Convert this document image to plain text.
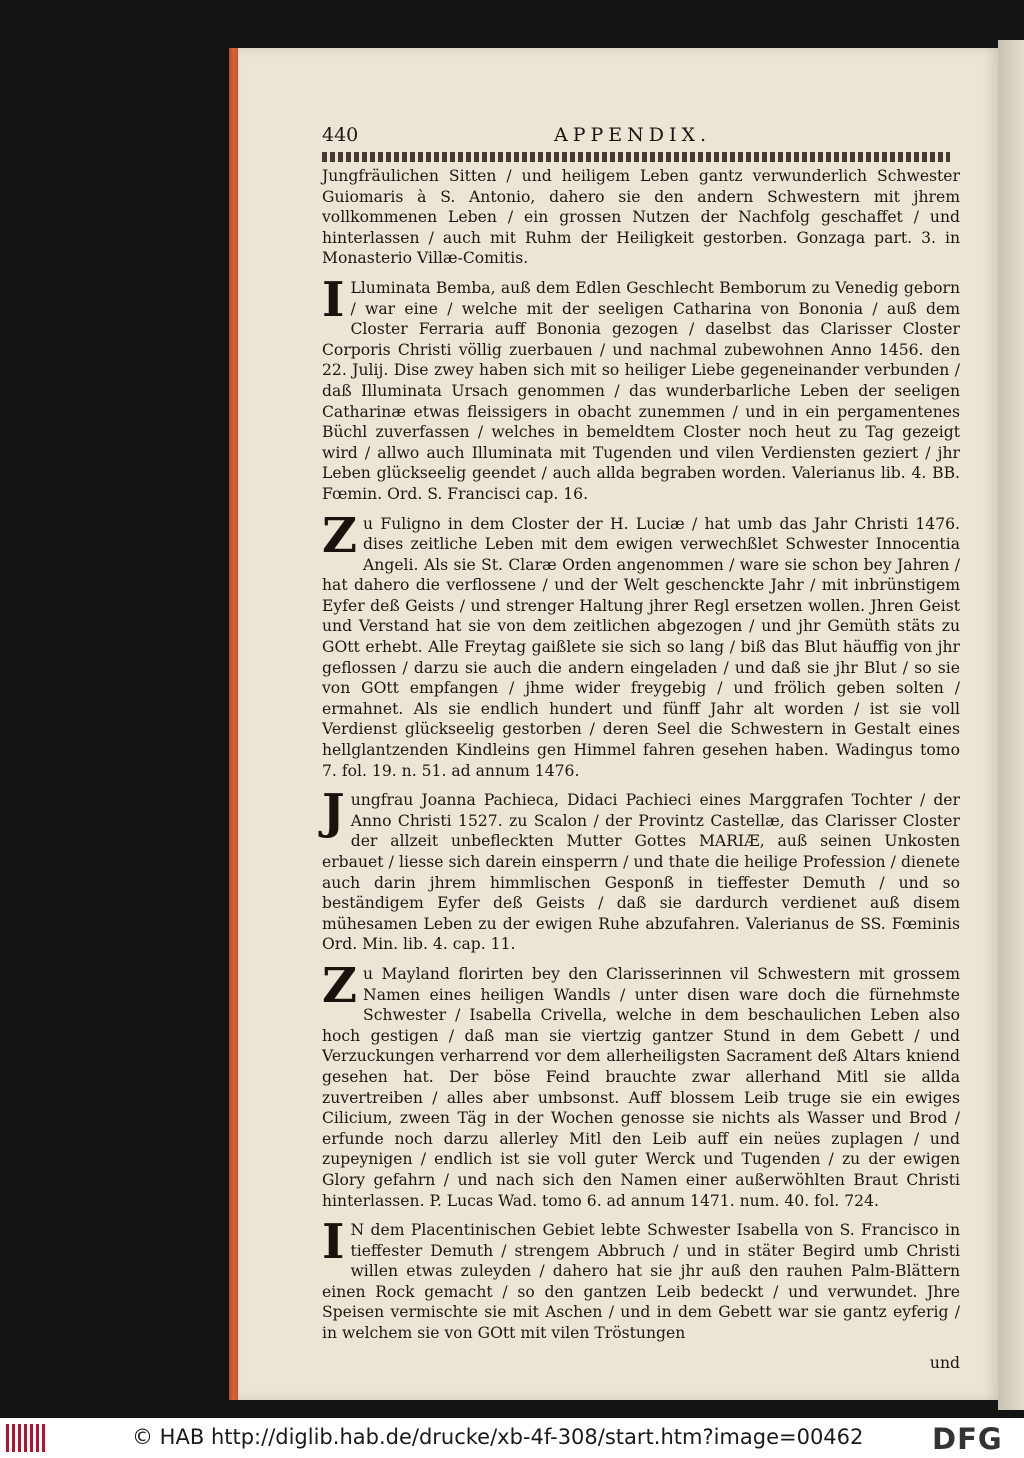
440	APPENDIX.

Jungfräulichen Sitten / und heiligem Leben gantz verwunderlich Schwester Guiomaris à S. Antonio, dahero sie den andern Schwestern mit jhrem vollkommenen Leben / ein grossen Nutzen der Nachfolg geschaffet / und hinterlassen / auch mit Ruhm der Heiligkeit gestorben. Gonzaga part. 3. in Monasterio Villæ-Comitis.

I Lluminata Bemba, auß dem Edlen Geschlecht Bemborum zu Venedig geborn / war eine / welche mit der seeligen Catharina von Bononia / auß dem Closter Ferraria auff Bononia gezogen / daselbst das Clarisser Closter Corporis Christi völlig zuerbauen / und nachmal zubewohnen Anno 1456. den 22. Julij. Dise zwey haben sich mit so heiliger Liebe gegeneinander verbunden / daß Illuminata Ursach genommen / das wunderbarliche Leben der seeligen Catharinæ etwas fleissigers in obacht zunemmen / und in ein pergamentenes Büchl zuverfassen / welches in bemeldtem Closter noch heut zu Tag gezeigt wird / allwo auch Illuminata mit Tugenden und vilen Verdiensten geziert / jhr Leben glückseelig geendet / auch allda begraben worden. Valerianus lib. 4. BB. Fœmin. Ord. S. Francisci cap. 16.

Z u Fuligno in dem Closter der H. Luciæ / hat umb das Jahr Christi 1476. dises zeitliche Leben mit dem ewigen verwechßlet Schwester Innocentia Angeli. Als sie St. Claræ Orden angenommen / ware sie schon bey Jahren / hat dahero die verflossene / und der Welt geschenckte Jahr / mit inbrünstigem Eyfer deß Geists / und strenger Haltung jhrer Regl ersetzen wollen. Jhren Geist und Verstand hat sie von dem zeitlichen abgezogen / und jhr Gemüth stäts zu GOtt erhebt. Alle Freytag gaißlete sie sich so lang / biß das Blut häuffig von jhr geflossen / darzu sie auch die andern eingeladen / und daß sie jhr Blut / so sie von GOtt empfangen / jhme wider freygebig / und frölich geben solten / ermahnet. Als sie endlich hundert und fünff Jahr alt worden / ist sie voll Verdienst glückseelig gestorben / deren Seel die Schwestern in Gestalt eines hellglantzenden Kindleins gen Himmel fahren gesehen haben. Wadingus tomo 7. fol. 19. n. 51. ad annum 1476.

J ungfrau Joanna Pachieca, Didaci Pachieci eines Marggrafen Tochter / der Anno Christi 1527. zu Scalon / der Provintz Castellæ, das Clarisser Closter der allzeit unbefleckten Mutter Gottes MARIÆ, auß seinen Unkosten erbauet / liesse sich darein einsperrn / und thate die heilige Profession / dienete auch darin jhrem himmlischen Gesponß in tieffester Demuth / und so beständigem Eyfer deß Geists / daß sie dardurch verdienet auß disem mühesamen Leben zu der ewigen Ruhe abzufahren. Valerianus de SS. Fœminis Ord. Min. lib. 4. cap. 11.

Z u Mayland florirten bey den Clarisserinnen vil Schwestern mit grossem Namen eines heiligen Wandls / unter disen ware doch die fürnehmste Schwester / Isabella Crivella, welche in dem beschaulichen Leben also hoch gestigen / daß man sie viertzig gantzer Stund in dem Gebett / und Verzuckungen verharrend vor dem allerheiligsten Sacrament deß Altars kniend gesehen hat. Der böse Feind brauchte zwar allerhand Mitl sie allda zuvertreiben / alles aber umbsonst. Auff blossem Leib truge sie ein ewiges Cilicium, zween Täg in der Wochen genosse sie nichts als Wasser und Brod / erfunde noch darzu allerley Mitl den Leib auff ein neües zuplagen / und zupeynigen / endlich ist sie voll guter Werck und Tugenden / zu der ewigen Glory gefahrn / und nach sich den Namen einer außerwöhlten Braut Christi hinterlassen. P. Lucas Wad. tomo 6. ad annum 1471. num. 40. fol. 724.

I N dem Placentinischen Gebiet lebte Schwester Isabella von S. Francisco in tieffester Demuth / strengem Abbruch / und in stäter Begird umb Christi willen etwas zuleyden / dahero hat sie jhr auß den rauhen Palm-Blättern einen Rock gemacht / so den gantzen Leib bedeckt / und verwundet. Jhre Speisen vermischte sie mit Aschen / und in dem Gebett war sie gantz eyferig / in welchem sie von GOtt mit vilen Tröstungen

und
© HAB http://diglib.hab.de/drucke/xb-4f-308/start.htm?image=00462 DFG
